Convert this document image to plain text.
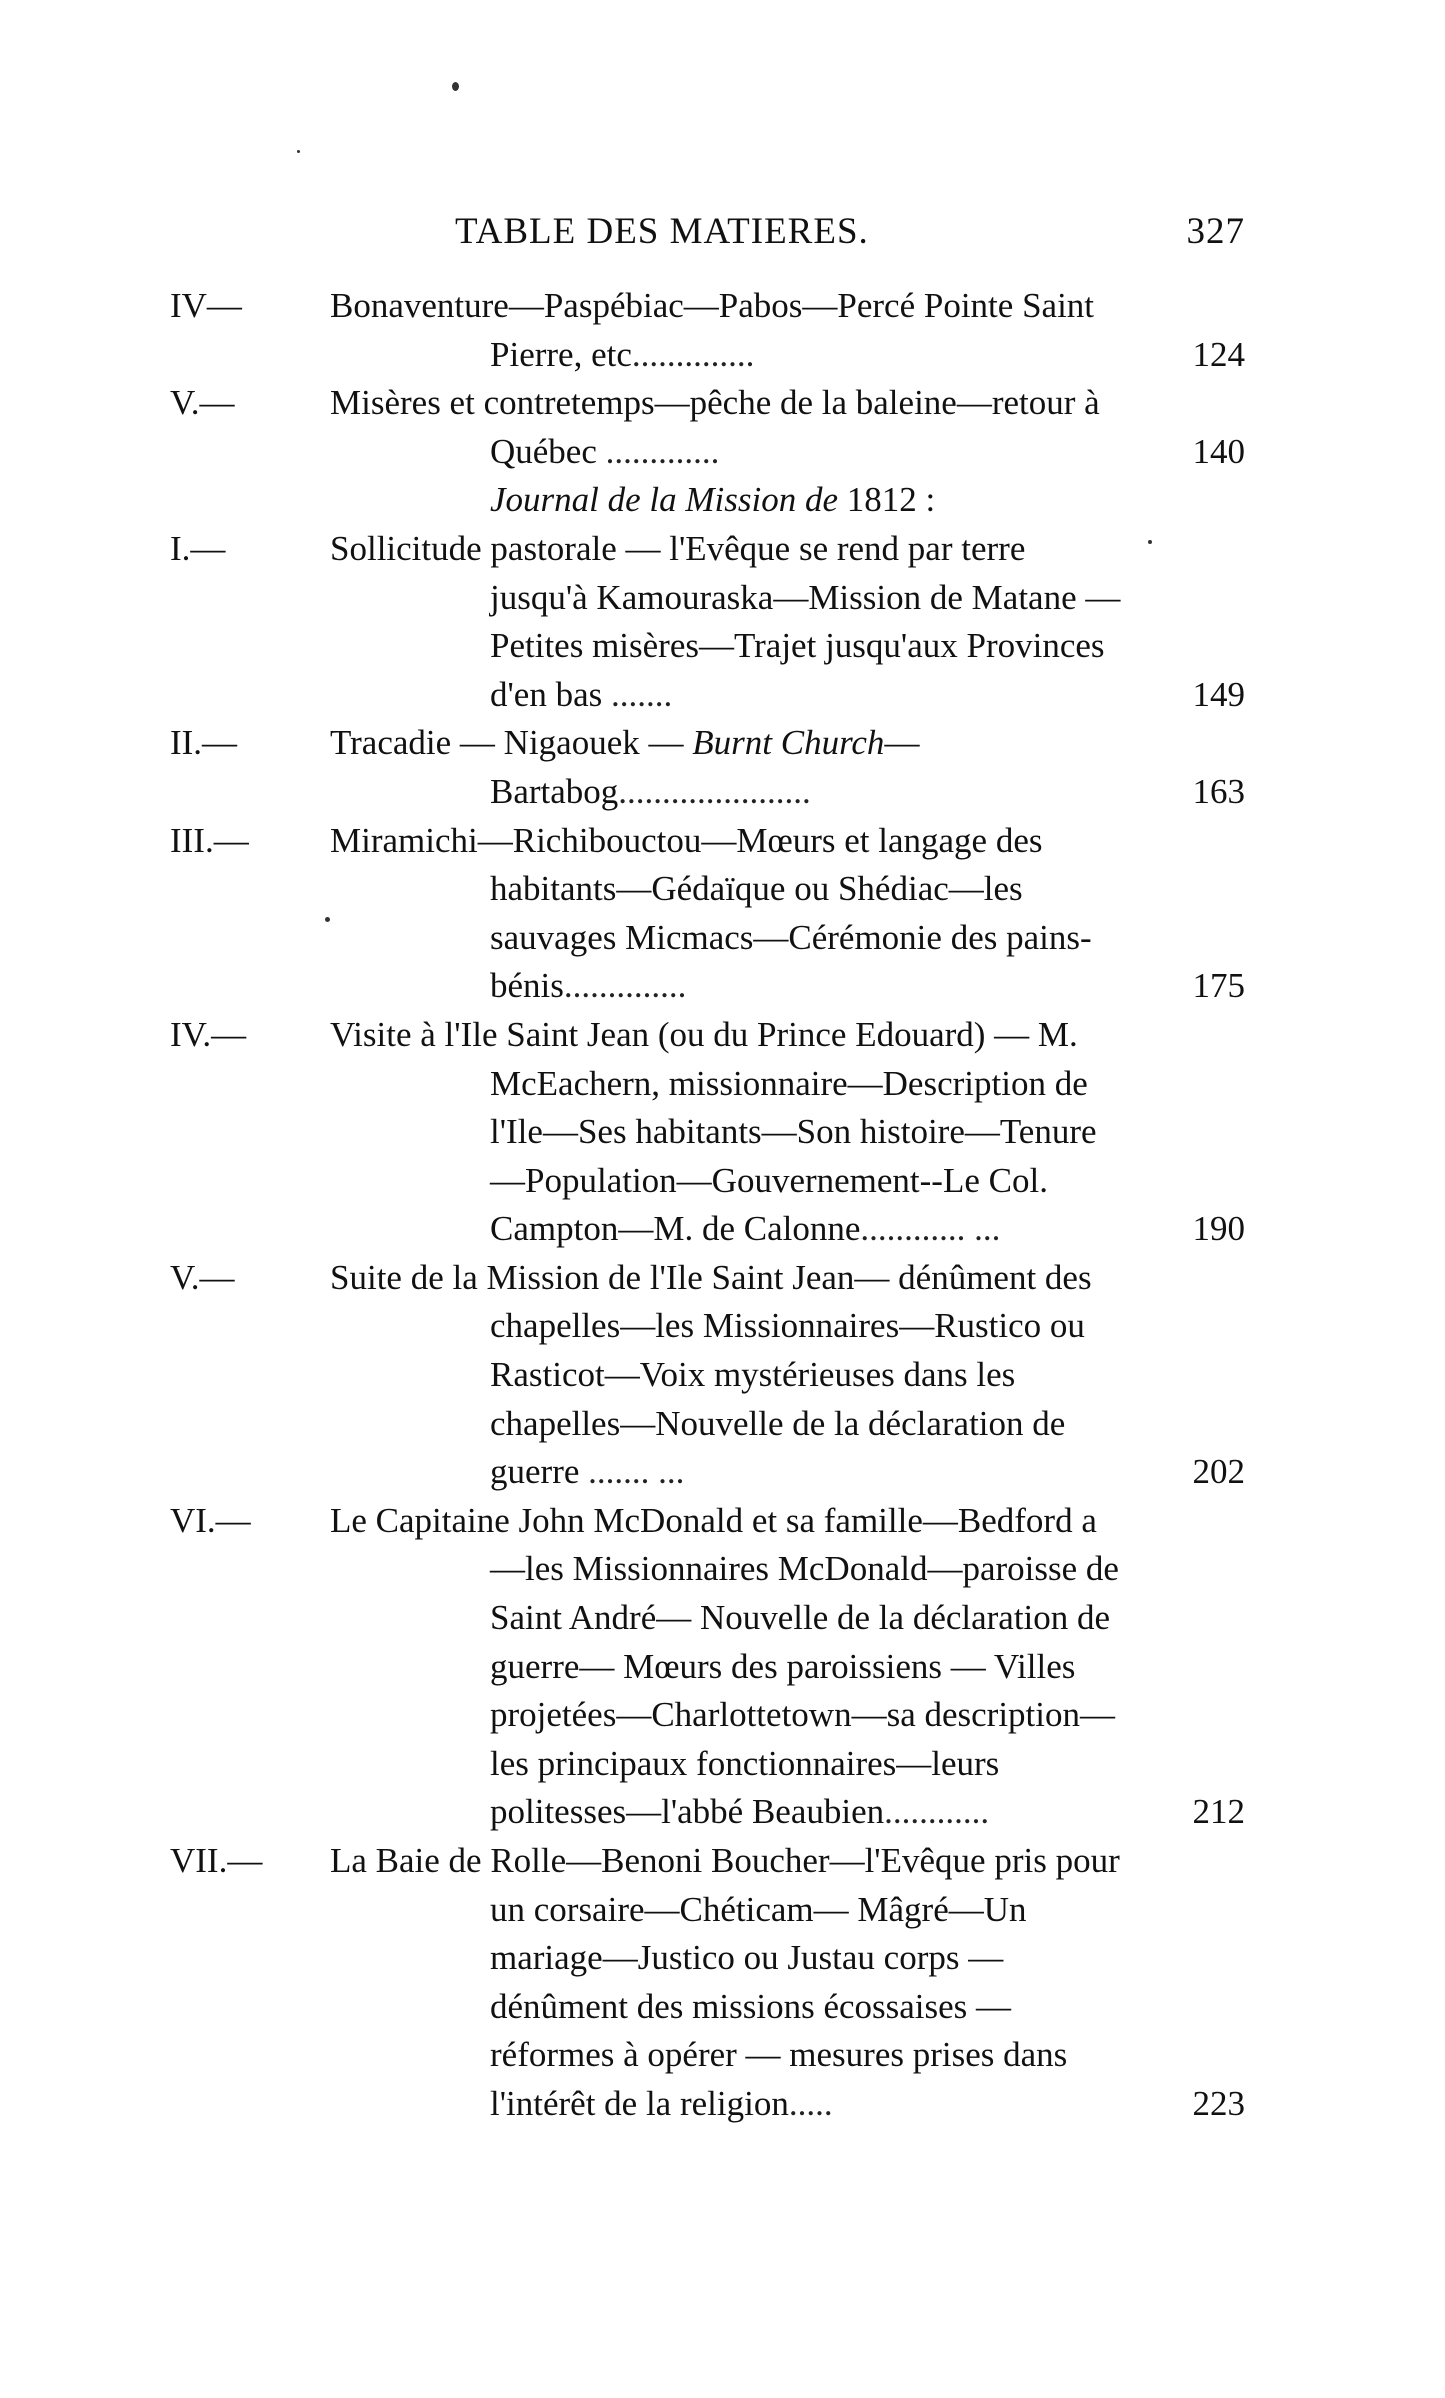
TABLE DES MATIERES.	327
IV—	Bonaventure—Paspébiac—Pabos—Percé Pointe Saint Pierre, etc..............	124
V.—	Misères et contretemps—pêche de la baleine—retour à Québec .............	140
Journal de la Mission de 1812 :
I.—	Sollicitude pastorale — l'Evêque se rend par terre jusqu'à Kamouraska—Mission de Matane — Petites misères—Trajet jusqu'aux Provinces d'en bas .......	149
II.—	Tracadie — Nigaouek — Burnt Church—Bartabog......................	163
III.— Miramichi—Richibouctou—Mœurs et langage des habitants—Gédaïque ou Shédiac—les sauvages Micmacs—Cérémonie des pains-bénis..............	175
IV.— Visite à l'Ile Saint Jean (ou du Prince Edouard) — M. McEachern, missionnaire—Description de l'Ile—Ses habitants—Son histoire—Tenure—Population—Gouvernement--Le Col. Campton—M. de Calonne............ ...	190
V.—	Suite de la Mission de l'Ile Saint Jean— dénûment des chapelles—les Missionnaires—Rustico ou Rasticot—Voix mystérieuses dans les chapelles—Nouvelle de la déclaration de guerre ....... ...	202
VI.— Le Capitaine John McDonald et sa famille—Bedford a —les Missionnaires McDonald—paroisse de Saint André— Nouvelle de la déclaration de guerre— Mœurs des paroissiens — Villes projetées—Charlottetown—sa description— les principaux fonctionnaires—leurs politesses—l'abbé Beaubien............	212
VII.— La Baie de Rolle—Benoni Boucher—l'Evêque pris pour un corsaire—Chéticam— Mâgré—Un mariage—Justico ou Justau corps —dénûment des missions écossaises — réformes à opérer — mesures prises dans l'intérêt de la religion.....	223
